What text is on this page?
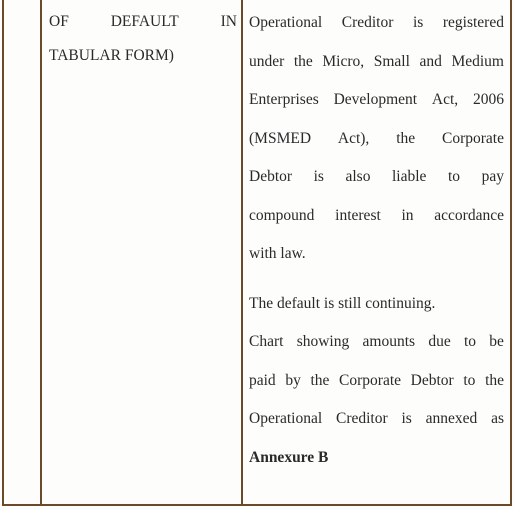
OF	DEFAULT	IN
TABULAR FORM)
Operational Creditor is registered
under the Micro, Small and Medium
Enterprises Development Act, 2006
(MSMED Act), the Corporate
Debtor is also liable to pay
compound interest in accordance
with law.
The default is still continuing.
Chart showing amounts due to be
paid by the Corporate Debtor to the
Operational Creditor is annexed as
Annexure B
